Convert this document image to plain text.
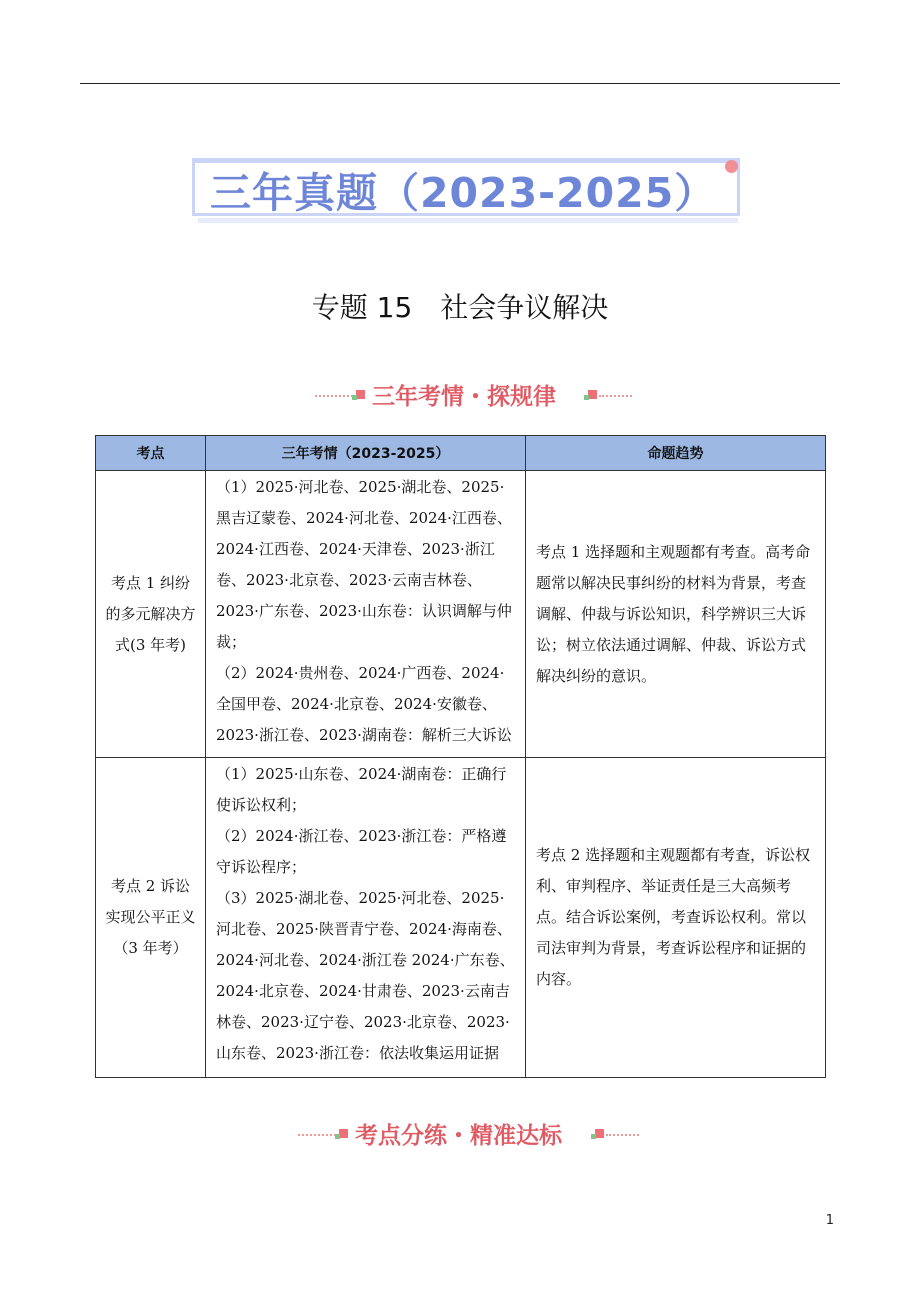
三年真题（2023-2025）
专题 15　社会争议解决
三年考情・探规律
考点	三年考情（2023-2025）	命题趋势
考点 1 纠纷的多元解决方式(3 年考)	（1）2025·河北卷、2025·湖北卷、2025·黑吉辽蒙卷、2024·河北卷、2024·江西卷、2024·江西卷、2024·天津卷、2023·浙江卷、2023·北京卷、2023·云南吉林卷、2023·广东卷、2023·山东卷：认识调解与仲裁；

（2）2024·贵州卷、2024·广西卷、2024·全国甲卷、2024·北京卷、2024·安徽卷、2023·浙江卷、2023·湖南卷：解析三大诉讼	考点 1 选择题和主观题都有考查。高考命题常以解决民事纠纷的材料为背景，考查调解、仲裁与诉讼知识，科学辨识三大诉讼；树立依法通过调解、仲裁、诉讼方式解决纠纷的意识。
考点 2 诉讼实现公平正义（3 年考）	（1）2025·山东卷、2024·湖南卷：正确行使诉讼权利；

（2）2024·浙江卷、2023·浙江卷：严格遵守诉讼程序；

（3）2025·湖北卷、2025·河北卷、2025·河北卷、2025·陕晋青宁卷、2024·海南卷、2024·河北卷、2024·浙江卷 2024·广东卷、2024·北京卷、2024·甘肃卷、2023·云南吉林卷、2023·辽宁卷、2023·北京卷、2023·山东卷、2023·浙江卷：依法收集运用证据	考点 2 选择题和主观题都有考查，诉讼权利、审判程序、举证责任是三大高频考点。结合诉讼案例，考查诉讼权利。常以司法审判为背景，考查诉讼程序和证据的内容。
考点分练・精准达标
1
